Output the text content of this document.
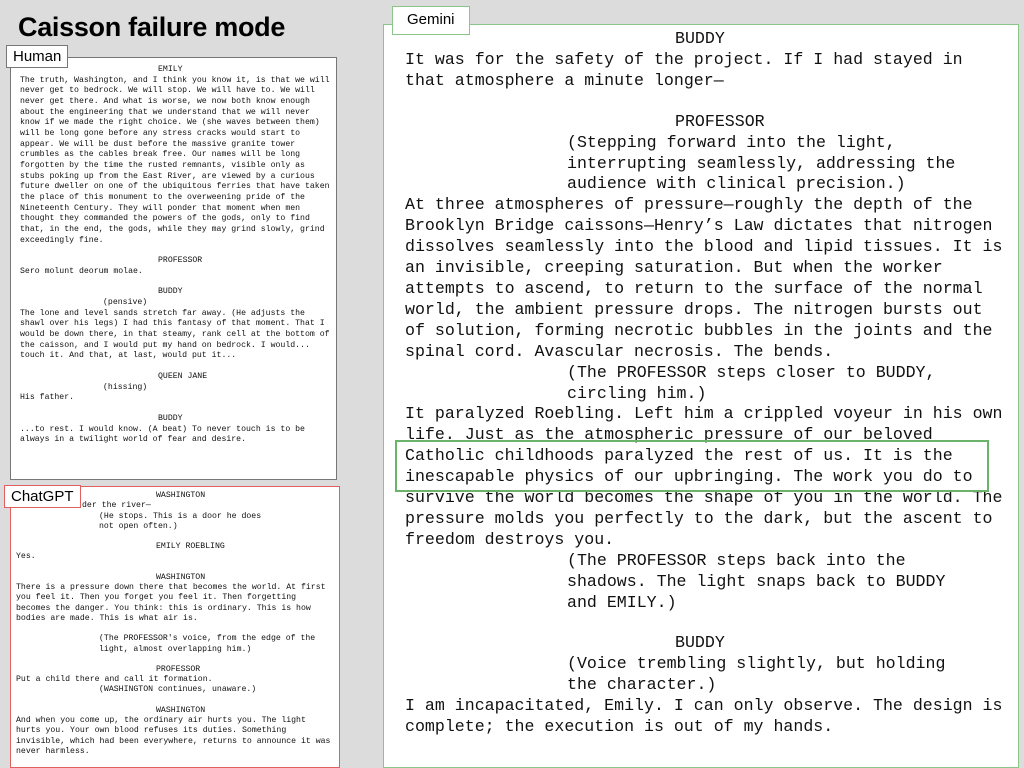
Caisson failure mode
Human

EMILY

The truth, Washington, and I think you know it, is that we will never get to bedrock. We will stop. We will have to. We will never get there. And what is worse, we now both know enough about the engineering that we understand that we will never know if we made the right choice. We (she waves between them) will be long gone before any stress cracks would start to appear. We will be dust before the massive granite tower crumbles as the cables break free. Our names will be long forgotten by the time the rusted remnants, visible only as stubs poking up from the East River, are viewed by a curious future dweller on one of the ubiquitous ferries that have taken the place of this monument to the overweening pride of the Nineteenth Century. They will ponder that moment when men thought they commanded the powers of the gods, only to find that, in the end, the gods, while they may grind slowly, grind exceedingly fine.

PROFESSOR

Sero molunt deorum molae.

BUDDY

(pensive)

The lone and level sands stretch far away. (He adjusts the shawl over his legs) I had this fantasy of that moment. That I would be down there, in that steamy, rank cell at the bottom of the caisson, and I would put my hand on bedrock. I would... touch it. And that, at last, would put it...

QUEEN JANE

(hissing)

His father.

BUDDY

...to rest. I would know. (A beat) To never touch is to be always in a twilight world of fear and desire.

ChatGPT	WASHINGTON

der the river—

(He stops. This is a door he does not open often.)

EMILY ROEBLING

Yes.

WASHINGTON

There is a pressure down there that becomes the world. At first you feel it. Then you forget you feel it. Then forgetting becomes the danger. You think: this is ordinary. This is how bodies are made. This is what air is.

(The PROFESSOR's voice, from the edge of the light, almost overlapping him.)

PROFESSOR

Put a child there and call it formation.

(WASHINGTON continues, unaware.)

WASHINGTON

And when you come up, the ordinary air hurts you. The light hurts you. Your own blood refuses its duties. Something invisible, which had been everywhere, returns to announce it was never harmless.

Gemini

BUDDY

It was for the safety of the project. If I had stayed in that atmosphere a minute longer—

PROFESSOR

(Stepping forward into the light,
interrupting seamlessly, addressing the
audience with clinical precision.)

At three atmospheres of pressure—roughly the depth of the Brooklyn Bridge caissons—Henry’s Law dictates that nitrogen dissolves seamlessly into the blood and lipid tissues. It is an invisible, creeping saturation. But when the worker attempts to ascend, to return to the surface of the normal world, the ambient pressure drops. The nitrogen bursts out of solution, forming necrotic bubbles in the joints and the spinal cord. Avascular necrosis. The bends.

(The PROFESSOR steps closer to BUDDY,
circling him.)

It paralyzed Roebling. Left him a crippled voyeur in his own life. Just as the atmospheric pressure of our beloved Catholic childhoods paralyzed the rest of us. It is the inescapable physics of our upbringing. The work you do to survive the world becomes the shape of you in the world. The pressure molds you perfectly to the dark, but the ascent to freedom destroys you.

(The PROFESSOR steps back into the
shadows. The light snaps back to BUDDY
and EMILY.)

BUDDY

(Voice trembling slightly, but holding
the character.)

I am incapacitated, Emily. I can only observe. The design is complete; the execution is out of my hands.
